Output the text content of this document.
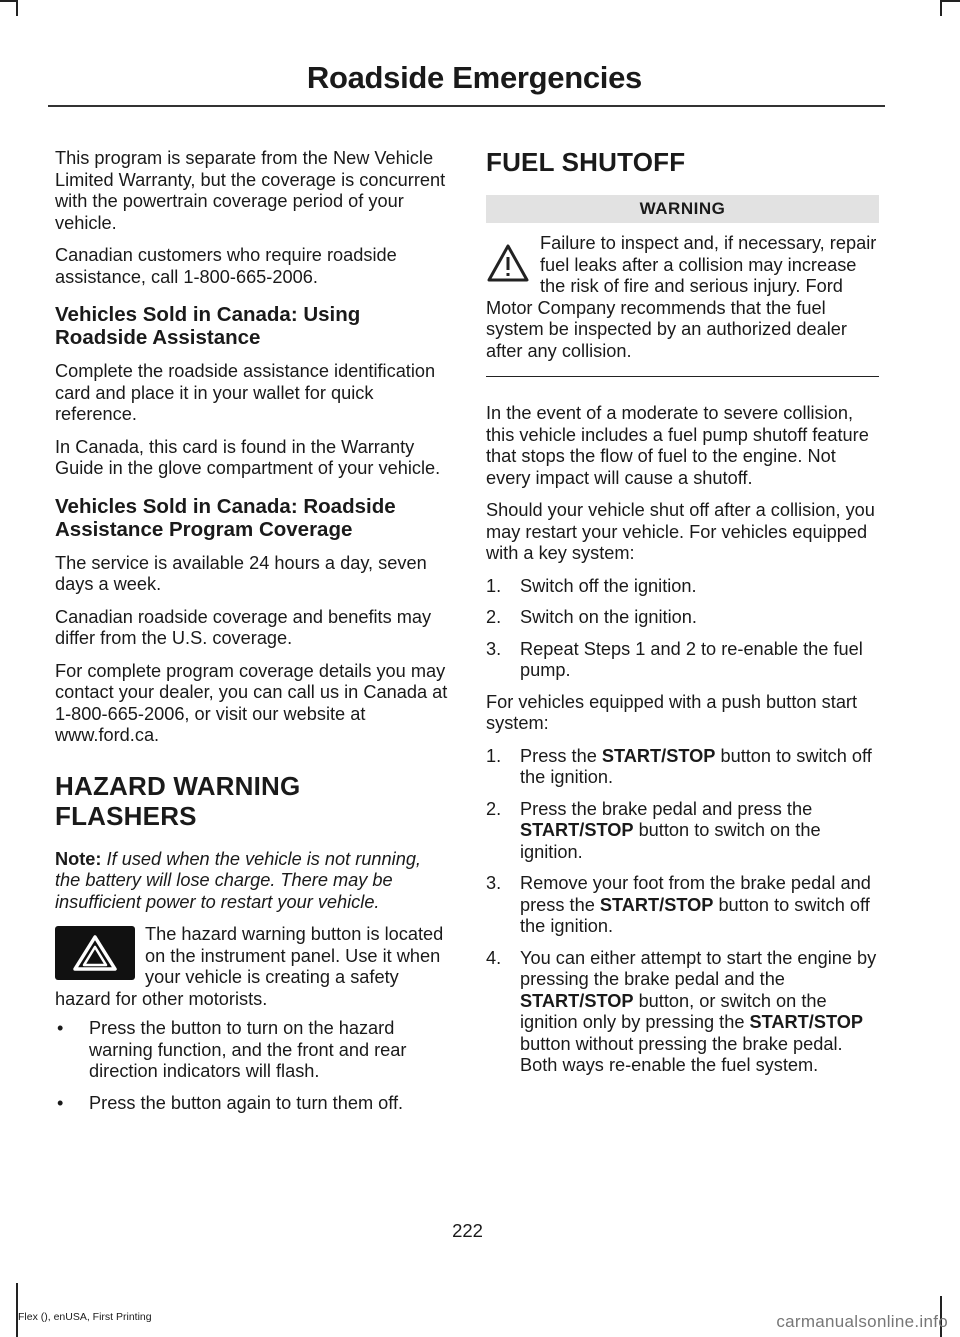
Roadside Emergencies

This program is separate from the New Vehicle Limited Warranty, but the coverage is concurrent with the powertrain coverage period of your vehicle.

Canadian customers who require roadside assistance, call 1-800-665-2006.

Vehicles Sold in Canada: Using Roadside Assistance

Complete the roadside assistance identification card and place it in your wallet for quick reference.

In Canada, this card is found in the Warranty Guide in the glove compartment of your vehicle.

Vehicles Sold in Canada: Roadside Assistance Program Coverage

The service is available 24 hours a day, seven days a week.

Canadian roadside coverage and benefits may differ from the U.S. coverage.

For complete program coverage details you may contact your dealer, you can call us in Canada at 1-800-665-2006, or visit our website at www.ford.ca.

HAZARD WARNING FLASHERS

Note: If used when the vehicle is not running, the battery will lose charge. There may be insufficient power to restart your vehicle.

The hazard warning button is located on the instrument panel. Use it when your vehicle is creating a safety hazard for other motorists.

• Press the button to turn on the hazard warning function, and the front and rear direction indicators will flash.
• Press the button again to turn them off.
FUEL SHUTOFF
WARNING
Failure to inspect and, if necessary, repair fuel leaks after a collision may increase the risk of fire and serious injury. Ford Motor Company recommends that the fuel system be inspected by an authorized dealer after any collision.

In the event of a moderate to severe collision, this vehicle includes a fuel pump shutoff feature that stops the flow of fuel to the engine. Not every impact will cause a shutoff.

Should your vehicle shut off after a collision, you may restart your vehicle. For vehicles equipped with a key system:

1. Switch off the ignition.
2. Switch on the ignition.
3. Repeat Steps 1 and 2 to re-enable the fuel pump.

For vehicles equipped with a push button start system:

1. Press the START/STOP button to switch off the ignition.
2. Press the brake pedal and press the START/STOP button to switch on the ignition.
3. Remove your foot from the brake pedal and press the START/STOP button to switch off the ignition.
4. You can either attempt to start the engine by pressing the brake pedal and the START/STOP button, or switch on the ignition only by pressing the START/STOP button without pressing the brake pedal. Both ways re-enable the fuel system.
222
Flex (), enUSA, First Printing	carmanualsonline.info
